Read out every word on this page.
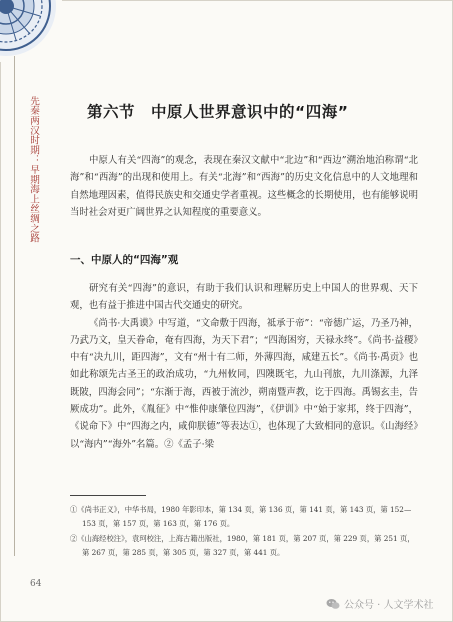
先秦两汉时期：早期海上丝绸之路	第六节　中原人世界意识中的“四海”

中原人有关“四海”的观念，表现在秦汉文献中“北边”和“西边”溯治地泊称谓“北海”和“西海”的出现和使用上。有关“北海”和“西海”的历史文化信息中的人文地理和自然地理因素，值得民族史和交通史学者重视。这些概念的长期使用，也有能够说明当时社会对更广阔世界之认知程度的重要意义。

一、中原人的“四海”观

研究有关“四海”的意识，有助于我们认识和理解历史上中国人的世界观、天下观，也有益于推进中国古代交通史的研究。

《尚书·大禹谟》中写道，“文命敷于四海，祗承于帝”：“帝德广运，乃圣乃神，乃武乃文，皇天眷命，奄有四海，为天下君”；“四海困穷，天禄永终”。《尚书·益稷》中有“决九川，距四海”，文有“州十有二师，外薄四海，咸建五长”。《尚书·禹贡》也如此称颂先古圣王的政治成功，“九州攸同，四隩既宅，九山刊旅，九川涤源，九泽既陂，四海会同”；“东渐于海，西被于流沙，朔南暨声教，讫于四海。禹锡玄圭，告厥成功”。此外，《胤征》中“惟仲康肇位四海”，《伊训》中“始于家邦，终于四海”，《说命下》中“四海之内，咸仰朕德”等表达①，也体现了大致相同的意识。《山海经》以“海内”“海外”名篇。②《孟子·梁

①《尚书正义》，中华书局，1980 年影印本，第 134 页，第 136 页，第 141 页，第 143 页，第 152—153 页，第 157 页，第 163 页，第 176 页。

②《山海经校注》，袁珂校注，上海古籍出版社，1980，第 181 页，第 207 页，第 229 页，第 251 页，第 267 页，第 285 页，第 305 页，第 327 页，第 441 页。

64
公众号 · 人文学术社
